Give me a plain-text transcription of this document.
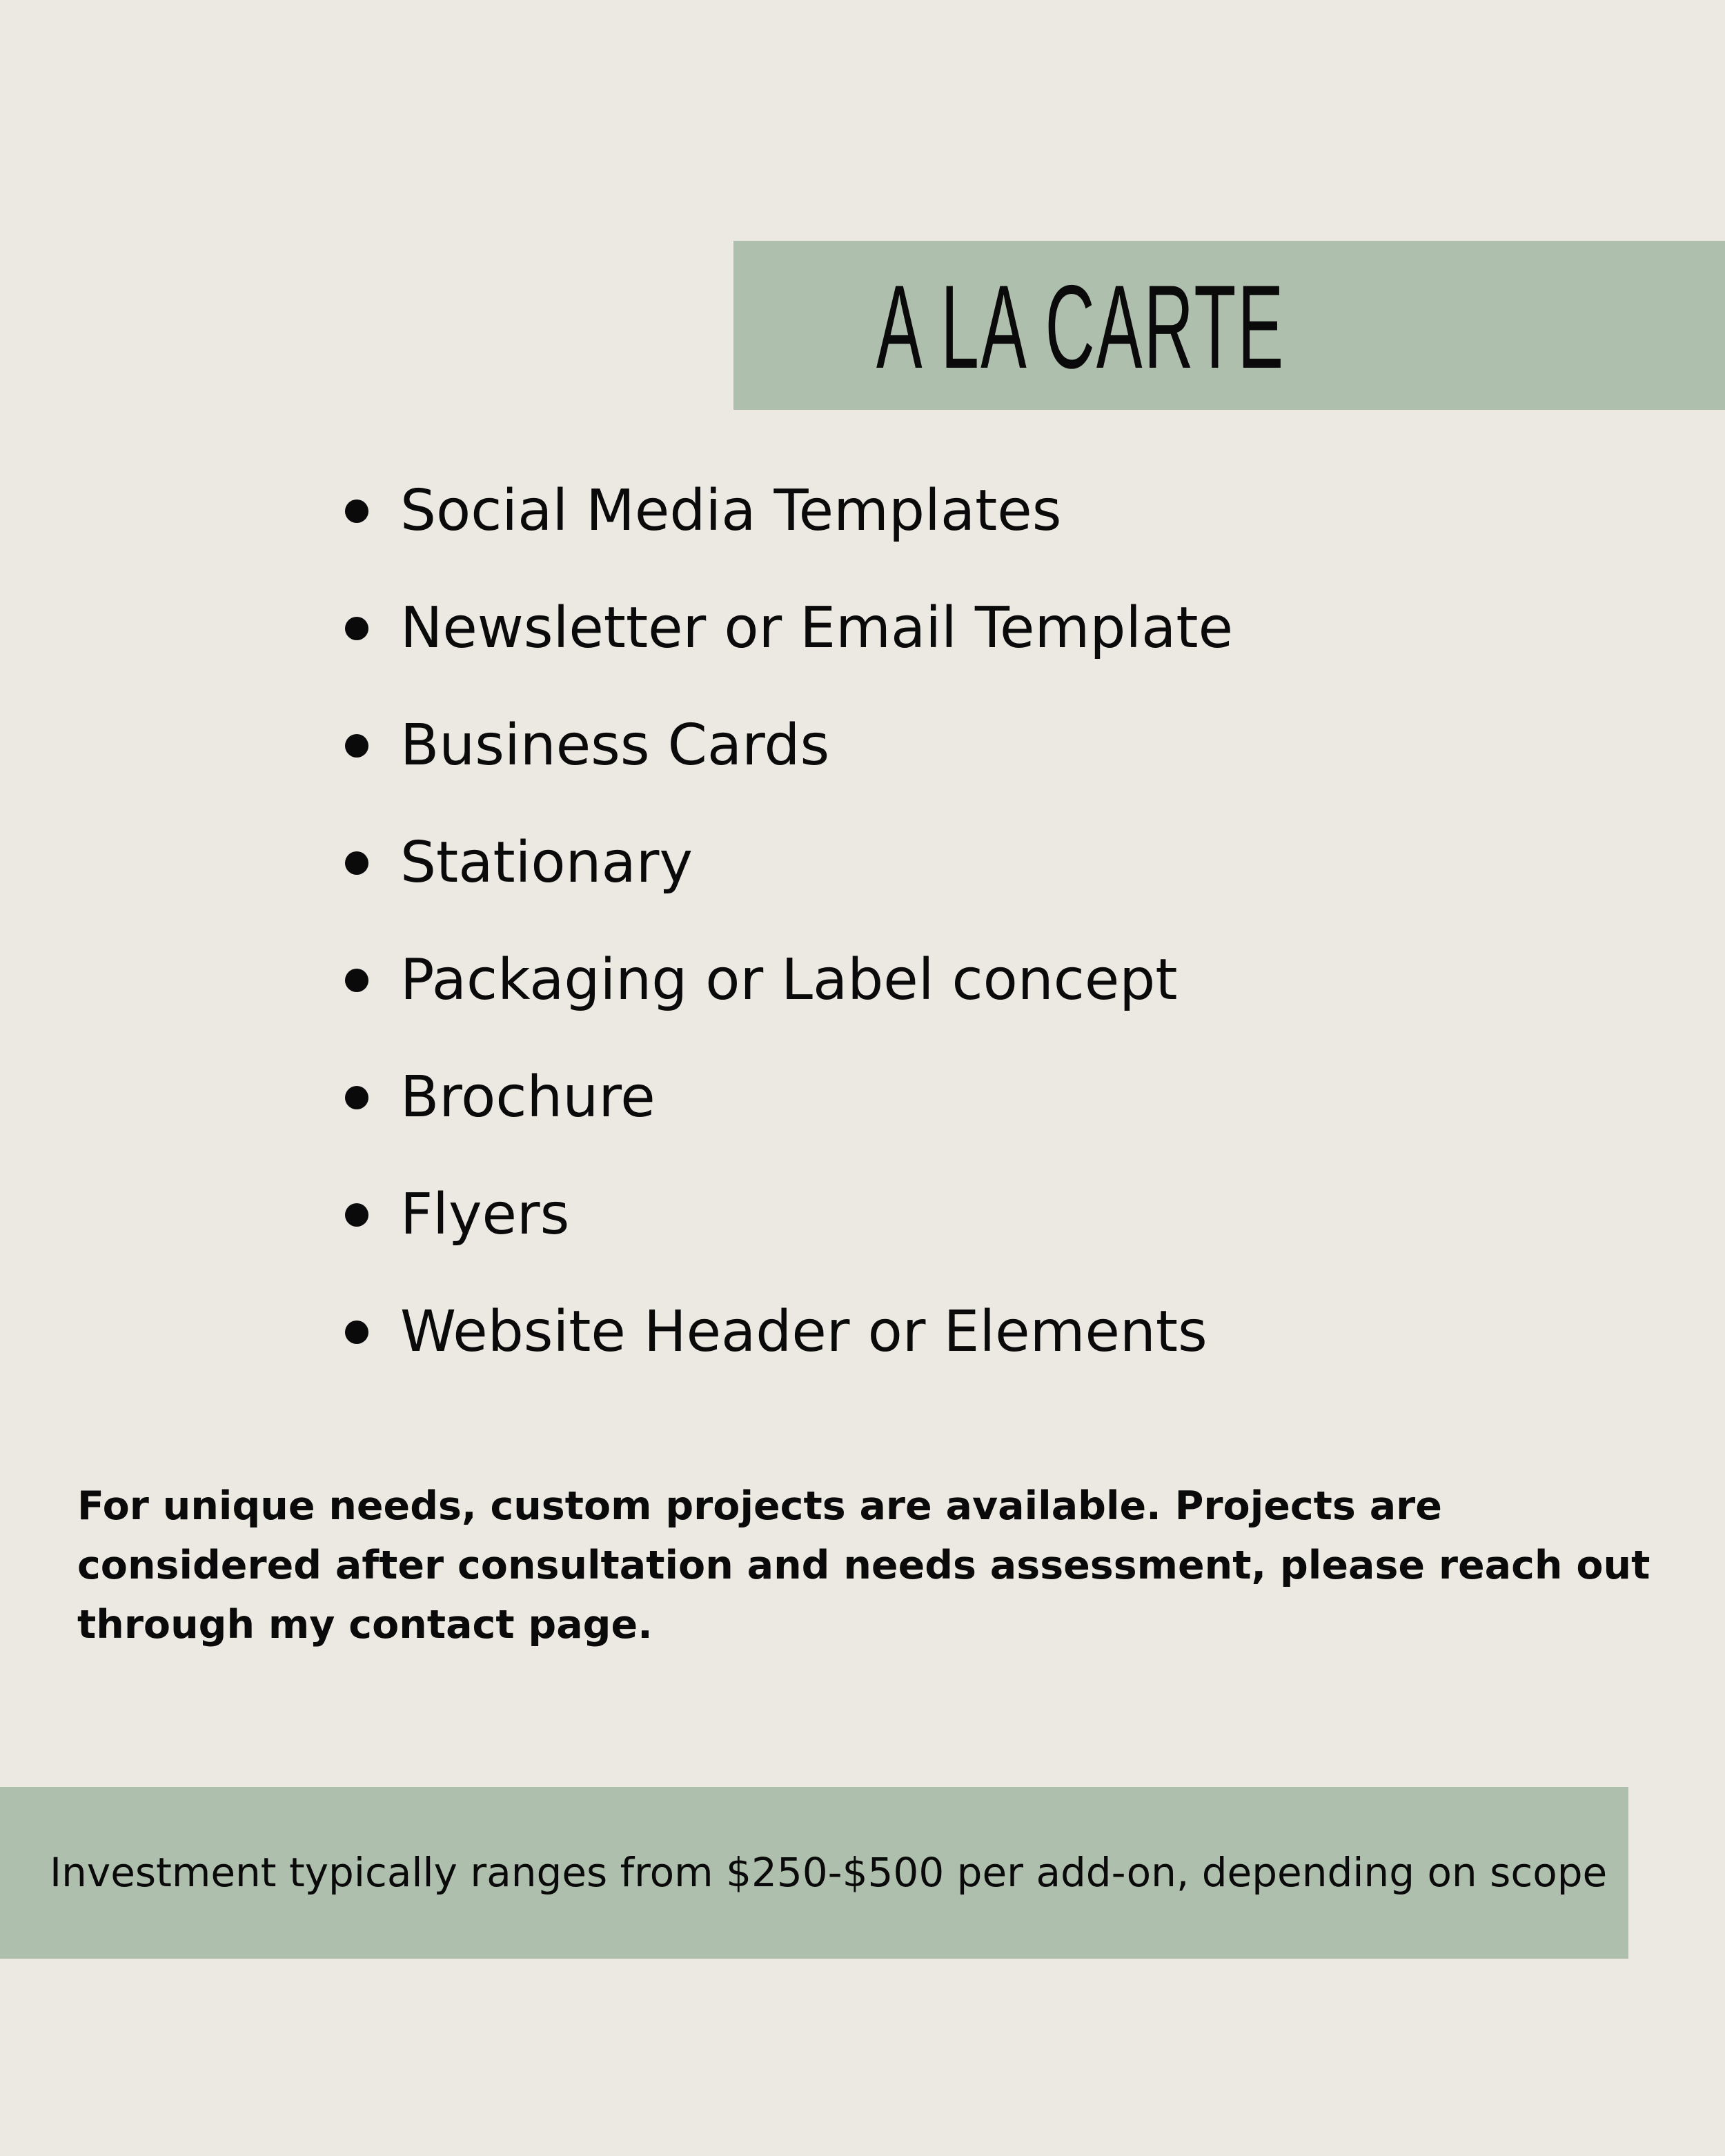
A LA CARTE
Social Media Templates
Newsletter or Email Template
Business Cards
Stationary
Packaging or Label concept
Brochure
Flyers
Website Header or Elements

For unique needs, custom projects are available. Projects are considered after consultation and needs assessment, please reach out through my contact page.

Investment typically ranges from $250-$500 per add-on, depending on scope
